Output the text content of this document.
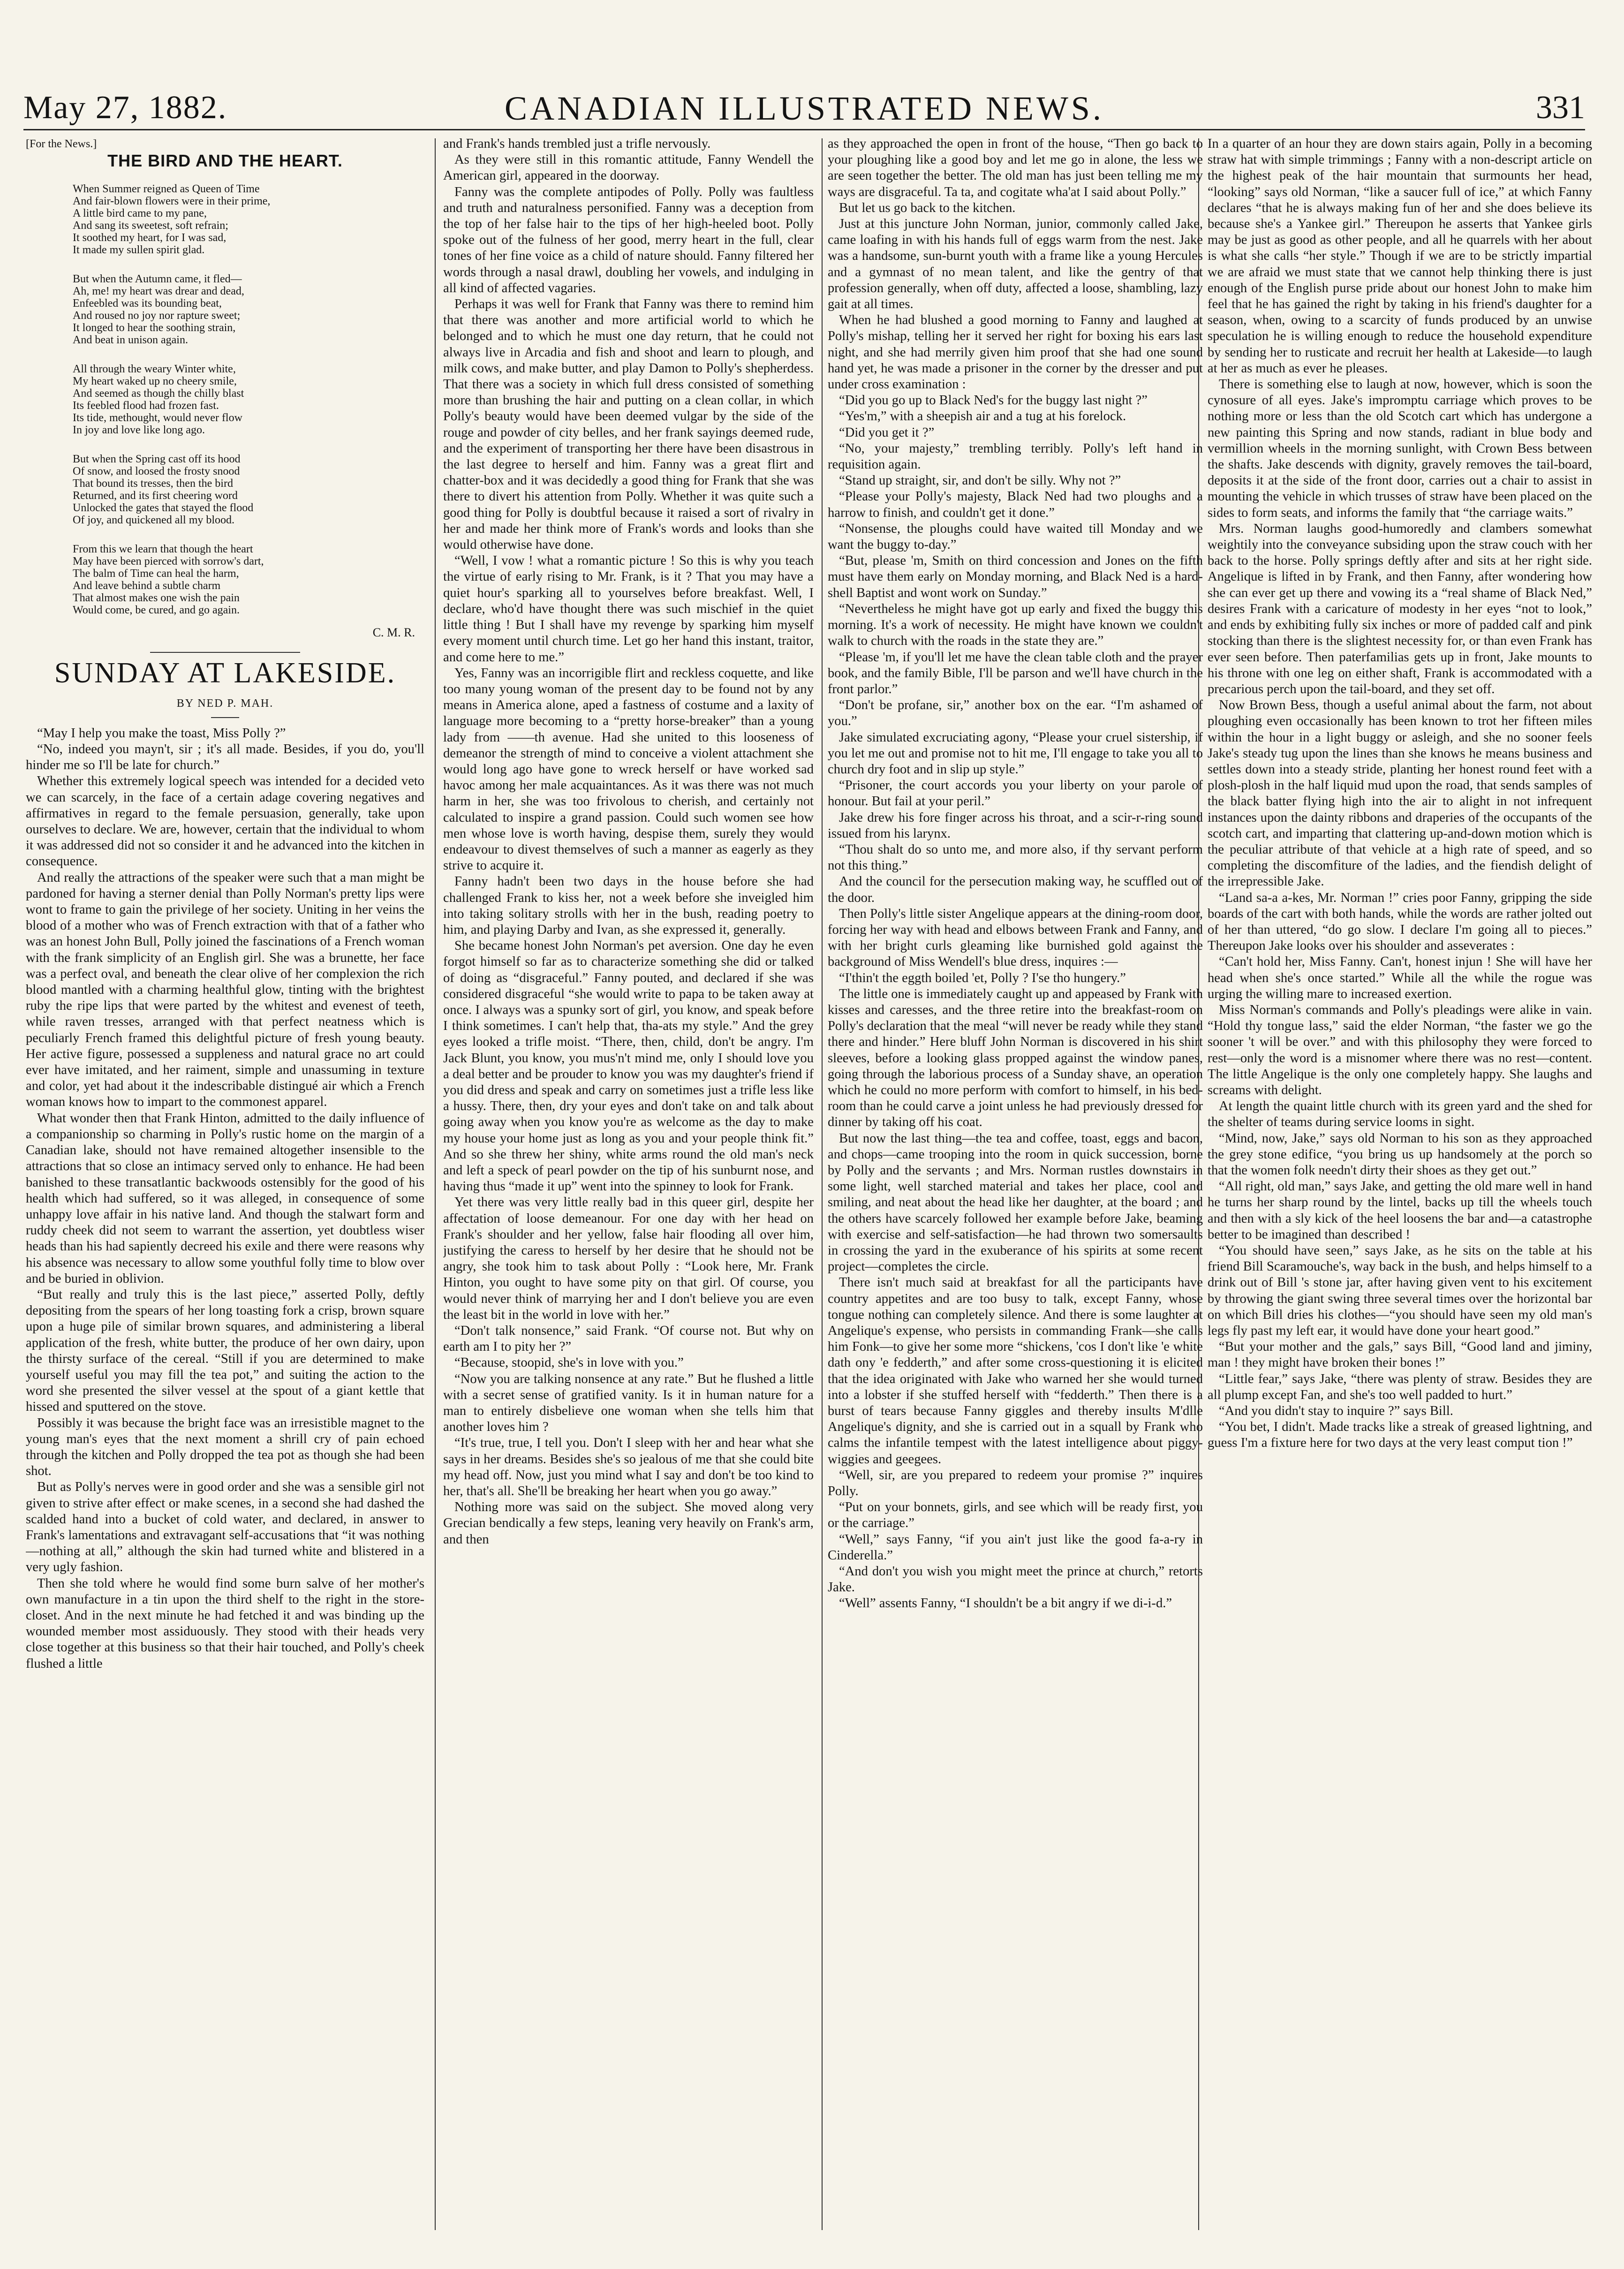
May 27, 1882.	CANADIAN ILLUSTRATED NEWS.	331
[For the News.]
THE BIRD AND THE HEART.
When Summer reigned as Queen of Time
And fair-blown flowers were in their prime,
A little bird came to my pane,
And sang its sweetest, soft refrain;
It soothed my heart, for I was sad,
It made my sullen spirit glad.
But when the Autumn came, it fled—
Ah, me! my heart was drear and dead,
Enfeebled was its bounding beat,
And roused no joy nor rapture sweet;
It longed to hear the soothing strain,
And beat in unison again.
All through the weary Winter white,
My heart waked up no cheery smile,
And seemed as though the chilly blast
Its feebled flood had frozen fast.
Its tide, methought, would never flow
In joy and love like long ago.
But when the Spring cast off its hood
Of snow, and loosed the frosty snood
That bound its tresses, then the bird
Returned, and its first cheering word
Unlocked the gates that stayed the flood
Of joy, and quickened all my blood.
From this we learn that though the heart
May have been pierced with sorrow's dart,
The balm of Time can heal the harm,
And leave behind a subtle charm
That almost makes one wish the pain
Would come, be cured, and go again.
C. M. R.
SUNDAY AT LAKESIDE.
BY NED P. MAH.

“May I help you make the toast, Miss Polly ?”

“No, indeed you mayn't, sir ; it's all made. Besides, if you do, you'll hinder me so I'll be late for church.”

Whether this extremely logical speech was intended for a decided veto we can scarcely, in the face of a certain adage covering negatives and affirmatives in regard to the female persuasion, generally, take upon ourselves to declare. We are, however, certain that the individual to whom it was addressed did not so consider it and he advanced into the kitchen in consequence.

And really the attractions of the speaker were such that a man might be pardoned for having a sterner denial than Polly Norman's pretty lips were wont to frame to gain the privilege of her society. Uniting in her veins the blood of a mother who was of French extraction with that of a father who was an honest John Bull, Polly joined the fascinations of a French woman with the frank simplicity of an English girl. She was a brunette, her face was a perfect oval, and beneath the clear olive of her complexion the rich blood mantled with a charming healthful glow, tinting with the brightest ruby the ripe lips that were parted by the whitest and evenest of teeth, while raven tresses, arranged with that perfect neatness which is peculiarly French framed this delightful picture of fresh young beauty. Her active figure, possessed a suppleness and natural grace no art could ever have imitated, and her raiment, simple and unassuming in texture and color, yet had about it the indescribable distingué air which a French woman knows how to impart to the commonest apparel.

What wonder then that Frank Hinton, admitted to the daily influence of a companionship so charming in Polly's rustic home on the margin of a Canadian lake, should not have remained altogether insensible to the attractions that so close an intimacy served only to enhance. He had been banished to these transatlantic backwoods ostensibly for the good of his health which had suffered, so it was alleged, in consequence of some unhappy love affair in his native land. And though the stalwart form and ruddy cheek did not seem to warrant the assertion, yet doubtless wiser heads than his had sapiently decreed his exile and there were reasons why his absence was necessary to allow some youthful folly time to blow over and be buried in oblivion.

“But really and truly this is the last piece,” asserted Polly, deftly depositing from the spears of her long toasting fork a crisp, brown square upon a huge pile of similar brown squares, and administering a liberal application of the fresh, white butter, the produce of her own dairy, upon the thirsty surface of the cereal. “Still if you are determined to make yourself useful you may fill the tea pot,” and suiting the action to the word she presented the silver vessel at the spout of a giant kettle that hissed and sputtered on the stove.

Possibly it was because the bright face was an irresistible magnet to the young man's eyes that the next moment a shrill cry of pain echoed through the kitchen and Polly dropped the tea pot as though she had been shot.

But as Polly's nerves were in good order and she was a sensible girl not given to strive after effect or make scenes, in a second she had dashed the scalded hand into a bucket of cold water, and declared, in answer to Frank's lamentations and extravagant self-accusations that “it was nothing—nothing at all,” although the skin had turned white and blistered in a very ugly fashion.

Then she told where he would find some burn salve of her mother's own manufacture in a tin upon the third shelf to the right in the store-closet. And in the next minute he had fetched it and was binding up the wounded member most assiduously. They stood with their heads very close together at this business so that their hair touched, and Polly's cheek flushed a little

and Frank's hands trembled just a trifle nervously.

As they were still in this romantic attitude, Fanny Wendell the American girl, appeared in the doorway.

Fanny was the complete antipodes of Polly. Polly was faultless and truth and naturalness personified. Fanny was a deception from the top of her false hair to the tips of her high-heeled boot. Polly spoke out of the fulness of her good, merry heart in the full, clear tones of her fine voice as a child of nature should. Fanny filtered her words through a nasal drawl, doubling her vowels, and indulging in all kind of affected vagaries.

Perhaps it was well for Frank that Fanny was there to remind him that there was another and more artificial world to which he belonged and to which he must one day return, that he could not always live in Arcadia and fish and shoot and learn to plough, and milk cows, and make butter, and play Damon to Polly's shepherdess. That there was a society in which full dress consisted of something more than brushing the hair and putting on a clean collar, in which Polly's beauty would have been deemed vulgar by the side of the rouge and powder of city belles, and her frank sayings deemed rude, and the experiment of transporting her there have been disastrous in the last degree to herself and him. Fanny was a great flirt and chatter-box and it was decidedly a good thing for Frank that she was there to divert his attention from Polly. Whether it was quite such a good thing for Polly is doubtful because it raised a sort of rivalry in her and made her think more of Frank's words and looks than she would otherwise have done.

“Well, I vow ! what a romantic picture ! So this is why you teach the virtue of early rising to Mr. Frank, is it ? That you may have a quiet hour's sparking all to yourselves before breakfast. Well, I declare, who'd have thought there was such mischief in the quiet little thing ! But I shall have my revenge by sparking him myself every moment until church time. Let go her hand this instant, traitor, and come here to me.”

Yes, Fanny was an incorrigible flirt and reckless coquette, and like too many young woman of the present day to be found not by any means in America alone, aped a fastness of costume and a laxity of language more becoming to a “pretty horse-breaker” than a young lady from ——th avenue. Had she united to this looseness of demeanor the strength of mind to conceive a violent attachment she would long ago have gone to wreck herself or have worked sad havoc among her male acquaintances. As it was there was not much harm in her, she was too frivolous to cherish, and certainly not calculated to inspire a grand passion. Could such women see how men whose love is worth having, despise them, surely they would endeavour to divest themselves of such a manner as eagerly as they strive to acquire it.

Fanny hadn't been two days in the house before she had challenged Frank to kiss her, not a week before she inveigled him into taking solitary strolls with her in the bush, reading poetry to him, and playing Darby and Ivan, as she expressed it, generally.

She became honest John Norman's pet aversion. One day he even forgot himself so far as to characterize something she did or talked of doing as “disgraceful.” Fanny pouted, and declared if she was considered disgraceful “she would write to papa to be taken away at once. I always was a spunky sort of girl, you know, and speak before I think sometimes. I can't help that, tha-ats my style.” And the grey eyes looked a trifle moist. “There, then, child, don't be angry. I'm Jack Blunt, you know, you mus'n't mind me, only I should love you a deal better and be prouder to know you was my daughter's friend if you did dress and speak and carry on sometimes just a trifle less like a hussy. There, then, dry your eyes and don't take on and talk about going away when you know you're as welcome as the day to make my house your home just as long as you and your people think fit.” And so she threw her shiny, white arms round the old man's neck and left a speck of pearl powder on the tip of his sunburnt nose, and having thus “made it up” went into the spinney to look for Frank.

Yet there was very little really bad in this queer girl, despite her affectation of loose demeanour. For one day with her head on Frank's shoulder and her yellow, false hair flooding all over him, justifying the caress to herself by her desire that he should not be angry, she took him to task about Polly : “Look here, Mr. Frank Hinton, you ought to have some pity on that girl. Of course, you would never think of marrying her and I don't believe you are even the least bit in the world in love with her.”

“Don't talk nonsence,” said Frank. “Of course not. But why on earth am I to pity her ?”

“Because, stoopid, she's in love with you.”

“Now you are talking nonsence at any rate.” But he flushed a little with a secret sense of gratified vanity. Is it in human nature for a man to entirely disbelieve one woman when she tells him that another loves him ?

“It's true, true, I tell you. Don't I sleep with her and hear what she says in her dreams. Besides she's so jealous of me that she could bite my head off. Now, just you mind what I say and don't be too kind to her, that's all. She'll be breaking her heart when you go away.”

Nothing more was said on the subject. She moved along very Grecian bendically a few steps, leaning very heavily on Frank's arm, and then

as they approached the open in front of the house, “Then go back to your ploughing like a good boy and let me go in alone, the less we are seen together the better. The old man has just been telling me my ways are disgraceful. Ta ta, and cogitate wha'at I said about Polly.”

But let us go back to the kitchen.

Just at this juncture John Norman, junior, commonly called Jake, came loafing in with his hands full of eggs warm from the nest. Jake was a handsome, sun-burnt youth with a frame like a young Hercules and a gymnast of no mean talent, and like the gentry of that profession generally, when off duty, affected a loose, shambling, lazy gait at all times.

When he had blushed a good morning to Fanny and laughed at Polly's mishap, telling her it served her right for boxing his ears last night, and she had merrily given him proof that she had one sound hand yet, he was made a prisoner in the corner by the dresser and put under cross examination :

“Did you go up to Black Ned's for the buggy last night ?”

“Yes'm,” with a sheepish air and a tug at his forelock.

“Did you get it ?”

“No, your majesty,” trembling terribly. Polly's left hand in requisition again.

“Stand up straight, sir, and don't be silly. Why not ?”

“Please your Polly's majesty, Black Ned had two ploughs and a harrow to finish, and couldn't get it done.”

“Nonsense, the ploughs could have waited till Monday and we want the buggy to-day.”

“But, please 'm, Smith on third concession and Jones on the fifth must have them early on Monday morning, and Black Ned is a hard-shell Baptist and wont work on Sunday.”

“Nevertheless he might have got up early and fixed the buggy this morning. It's a work of necessity. He might have known we couldn't walk to church with the roads in the state they are.”

“Please 'm, if you'll let me have the clean table cloth and the prayer book, and the family Bible, I'll be parson and we'll have church in the front parlor.”

“Don't be profane, sir,” another box on the ear. “I'm ashamed of you.”

Jake simulated excruciating agony, “Please your cruel sistership, if you let me out and promise not to hit me, I'll engage to take you all to church dry foot and in slip up style.”

“Prisoner, the court accords you your liberty on your parole of honour. But fail at your peril.”

Jake drew his fore finger across his throat, and a scir-r-ring sound issued from his larynx.

“Thou shalt do so unto me, and more also, if thy servant perform not this thing.”

And the council for the persecution making way, he scuffled out of the door.

Then Polly's little sister Angelique appears at the dining-room door, forcing her way with head and elbows between Frank and Fanny, and with her bright curls gleaming like burnished gold against the background of Miss Wendell's blue dress, inquires :—

“I'thin't the eggth boiled 'et, Polly ? I'se tho hungery.”

The little one is immediately caught up and appeased by Frank with kisses and caresses, and the three retire into the breakfast-room on Polly's declaration that the meal “will never be ready while they stand there and hinder.” Here bluff John Norman is discovered in his shirt sleeves, before a looking glass propped against the window panes, going through the laborious process of a Sunday shave, an operation which he could no more perform with comfort to himself, in his bed-room than he could carve a joint unless he had previously dressed for dinner by taking off his coat.

But now the last thing—the tea and coffee, toast, eggs and bacon, and chops—came trooping into the room in quick succession, borne by Polly and the servants ; and Mrs. Norman rustles downstairs in some light, well starched material and takes her place, cool and smiling, and neat about the head like her daughter, at the board ; and the others have scarcely followed her example before Jake, beaming with exercise and self-satisfaction—he had thrown two somersaults in crossing the yard in the exuberance of his spirits at some recent project—completes the circle.

There isn't much said at breakfast for all the participants have country appetites and are too busy to talk, except Fanny, whose tongue nothing can completely silence. And there is some laughter at Angelique's expense, who persists in commanding Frank—she calls him Fonk—to give her some more “shickens, 'cos I don't like 'e white dath ony 'e fedderth,” and after some cross-questioning it is elicited that the idea originated with Jake who warned her she would turned into a lobster if she stuffed herself with “fedderth.” Then there is a burst of tears because Fanny giggles and thereby insults M'dlle Angelique's dignity, and she is carried out in a squall by Frank who calms the infantile tempest with the latest intelligence about piggy-wiggies and geegees.

“Well, sir, are you prepared to redeem your promise ?” inquires Polly.

“Put on your bonnets, girls, and see which will be ready first, you or the carriage.”

“Well,” says Fanny, “if you ain't just like the good fa-a-ry in Cinderella.”

“And don't you wish you might meet the prince at church,” retorts Jake.

“Well” assents Fanny, “I shouldn't be a bit angry if we di-i-d.”

In a quarter of an hour they are down stairs again, Polly in a becoming straw hat with simple trimmings ; Fanny with a non-descript article on the highest peak of the hair mountain that surmounts her head, “looking” says old Norman, “like a saucer full of ice,” at which Fanny declares “that he is always making fun of her and she does believe its because she's a Yankee girl.” Thereupon he asserts that Yankee girls may be just as good as other people, and all he quarrels with her about is what she calls “her style.” Though if we are to be strictly impartial we are afraid we must state that we cannot help thinking there is just enough of the English purse pride about our honest John to make him feel that he has gained the right by taking in his friend's daughter for a season, when, owing to a scarcity of funds produced by an unwise speculation he is willing enough to reduce the household expenditure by sending her to rusticate and recruit her health at Lakeside—to laugh at her as much as ever he pleases.

There is something else to laugh at now, however, which is soon the cynosure of all eyes. Jake's impromptu carriage which proves to be nothing more or less than the old Scotch cart which has undergone a new painting this Spring and now stands, radiant in blue body and vermillion wheels in the morning sunlight, with Crown Bess between the shafts. Jake descends with dignity, gravely removes the tail-board, deposits it at the side of the front door, carries out a chair to assist in mounting the vehicle in which trusses of straw have been placed on the sides to form seats, and informs the family that “the carriage waits.”

Mrs. Norman laughs good-humoredly and clambers somewhat weightily into the conveyance subsiding upon the straw couch with her back to the horse. Polly springs deftly after and sits at her right side. Angelique is lifted in by Frank, and then Fanny, after wondering how she can ever get up there and vowing its a “real shame of Black Ned,” desires Frank with a caricature of modesty in her eyes “not to look,” and ends by exhibiting fully six inches or more of padded calf and pink stocking than there is the slightest necessity for, or than even Frank has ever seen before. Then paterfamilias gets up in front, Jake mounts to his throne with one leg on either shaft, Frank is accommodated with a precarious perch upon the tail-board, and they set off.

Now Brown Bess, though a useful animal about the farm, not about ploughing even occasionally has been known to trot her fifteen miles within the hour in a light buggy or asleigh, and she no sooner feels Jake's steady tug upon the lines than she knows he means business and settles down into a steady stride, planting her honest round feet with a plosh-plosh in the half liquid mud upon the road, that sends samples of the black batter flying high into the air to alight in not infrequent instances upon the dainty ribbons and draperies of the occupants of the scotch cart, and imparting that clattering up-and-down motion which is the peculiar attribute of that vehicle at a high rate of speed, and so completing the discomfiture of the ladies, and the fiendish delight of the irrepressible Jake.

“Land sa-a a-kes, Mr. Norman !” cries poor Fanny, gripping the side boards of the cart with both hands, while the words are rather jolted out of her than uttered, “do go slow. I declare I'm going all to pieces.” Thereupon Jake looks over his shoulder and asseverates :

“Can't hold her, Miss Fanny. Can't, honest injun ! She will have her head when she's once started.” While all the while the rogue was urging the willing mare to increased exertion.

Miss Norman's commands and Polly's pleadings were alike in vain. “Hold thy tongue lass,” said the elder Norman, “the faster we go the sooner 't will be over.” and with this philosophy they were forced to rest—only the word is a misnomer where there was no rest—content. The little Angelique is the only one completely happy. She laughs and screams with delight.

At length the quaint little church with its green yard and the shed for the shelter of teams during service looms in sight.

“Mind, now, Jake,” says old Norman to his son as they approached the grey stone edifice, “you bring us up handsomely at the porch so that the women folk needn't dirty their shoes as they get out.”

“All right, old man,” says Jake, and getting the old mare well in hand he turns her sharp round by the lintel, backs up till the wheels touch and then with a sly kick of the heel loosens the bar and—a catastrophe better to be imagined than described !

“You should have seen,” says Jake, as he sits on the table at his friend Bill Scaramouche's, way back in the bush, and helps himself to a drink out of Bill 's stone jar, after having given vent to his excitement by throwing the giant swing three several times over the horizontal bar on which Bill dries his clothes—“you should have seen my old man's legs fly past my left ear, it would have done your heart good.”

“But your mother and the gals,” says Bill, “Good land and jiminy, man ! they might have broken their bones !”

“Little fear,” says Jake, “there was plenty of straw. Besides they are all plump except Fan, and she's too well padded to hurt.”

“And you didn't stay to inquire ?” says Bill.

“You bet, I didn't. Made tracks like a streak of greased lightning, and guess I'm a fixture here for two days at the very least comput tion !”
